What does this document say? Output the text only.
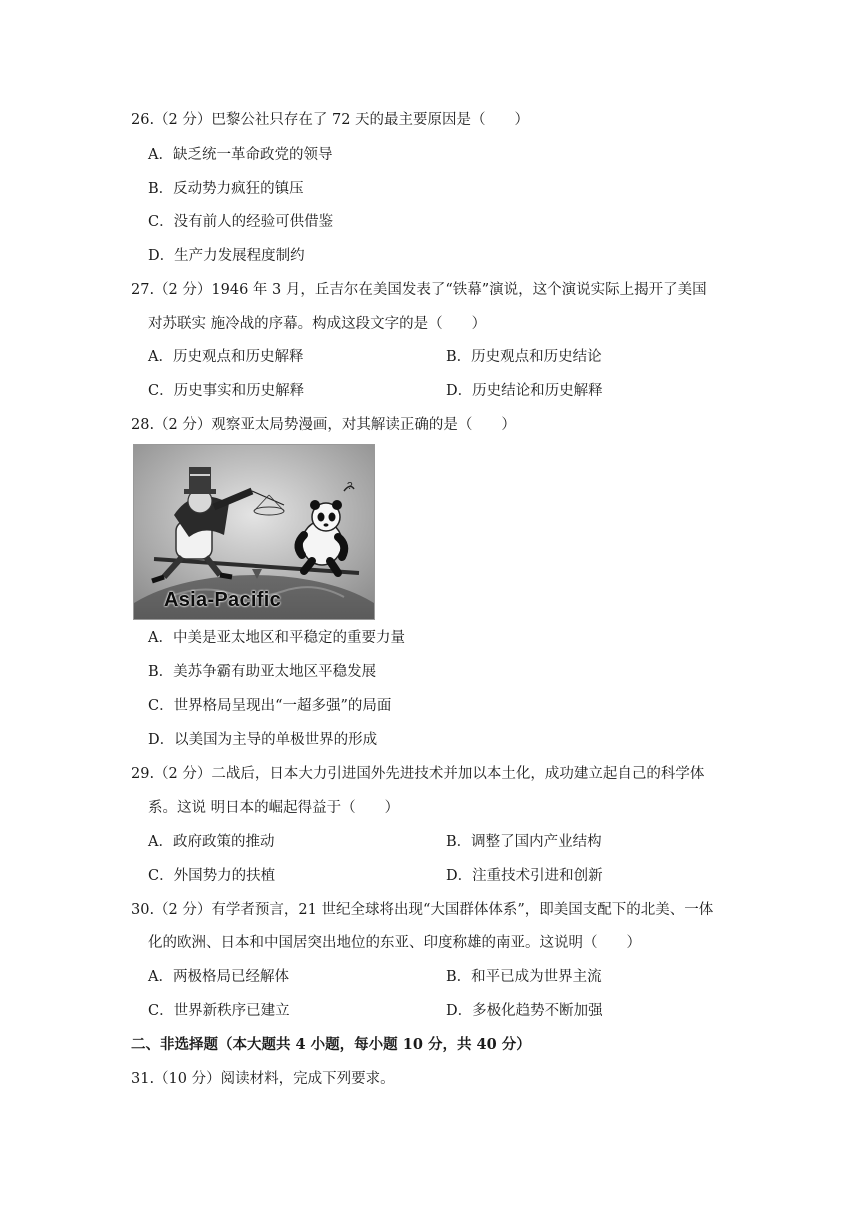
26.（2 分）巴黎公社只存在了 72 天的最主要原因是（　　）
A．缺乏统一革命政党的领导
B．反动势力疯狂的镇压
C．没有前人的经验可供借鉴
D．生产力发展程度制约
27.（2 分）1946 年 3 月，丘吉尔在美国发表了“铁幕”演说，这个演说实际上揭开了美国
对苏联实 施冷战的序幕。构成这段文字的是（　　）
A．历史观点和历史解释	B．历史观点和历史结论
C．历史事实和历史解释	D．历史结论和历史解释
28.（2 分）观察亚太局势漫画，对其解读正确的是（　　）
?
Asia-Pacific
A．中美是亚太地区和平稳定的重要力量
B．美苏争霸有助亚太地区平稳发展
C．世界格局呈现出“一超多强”的局面
D．以美国为主导的单极世界的形成
29.（2 分）二战后，日本大力引进国外先进技术并加以本土化，成功建立起自己的科学体
系。这说 明日本的崛起得益于（　　）
A．政府政策的推动	B．调整了国内产业结构
C．外国势力的扶植	D．注重技术引进和创新
30.（2 分）有学者预言，21 世纪全球将出现“大国群体体系”，即美国支配下的北美、一体
化的欧洲、日本和中国居突出地位的东亚、印度称雄的南亚。这说明（　　）
A．两极格局已经解体	B．和平已成为世界主流
C．世界新秩序已建立	D．多极化趋势不断加强
二、非选择题（本大题共 4 小题，每小题 10 分，共 40 分）
31.（10 分）阅读材料，完成下列要求。
